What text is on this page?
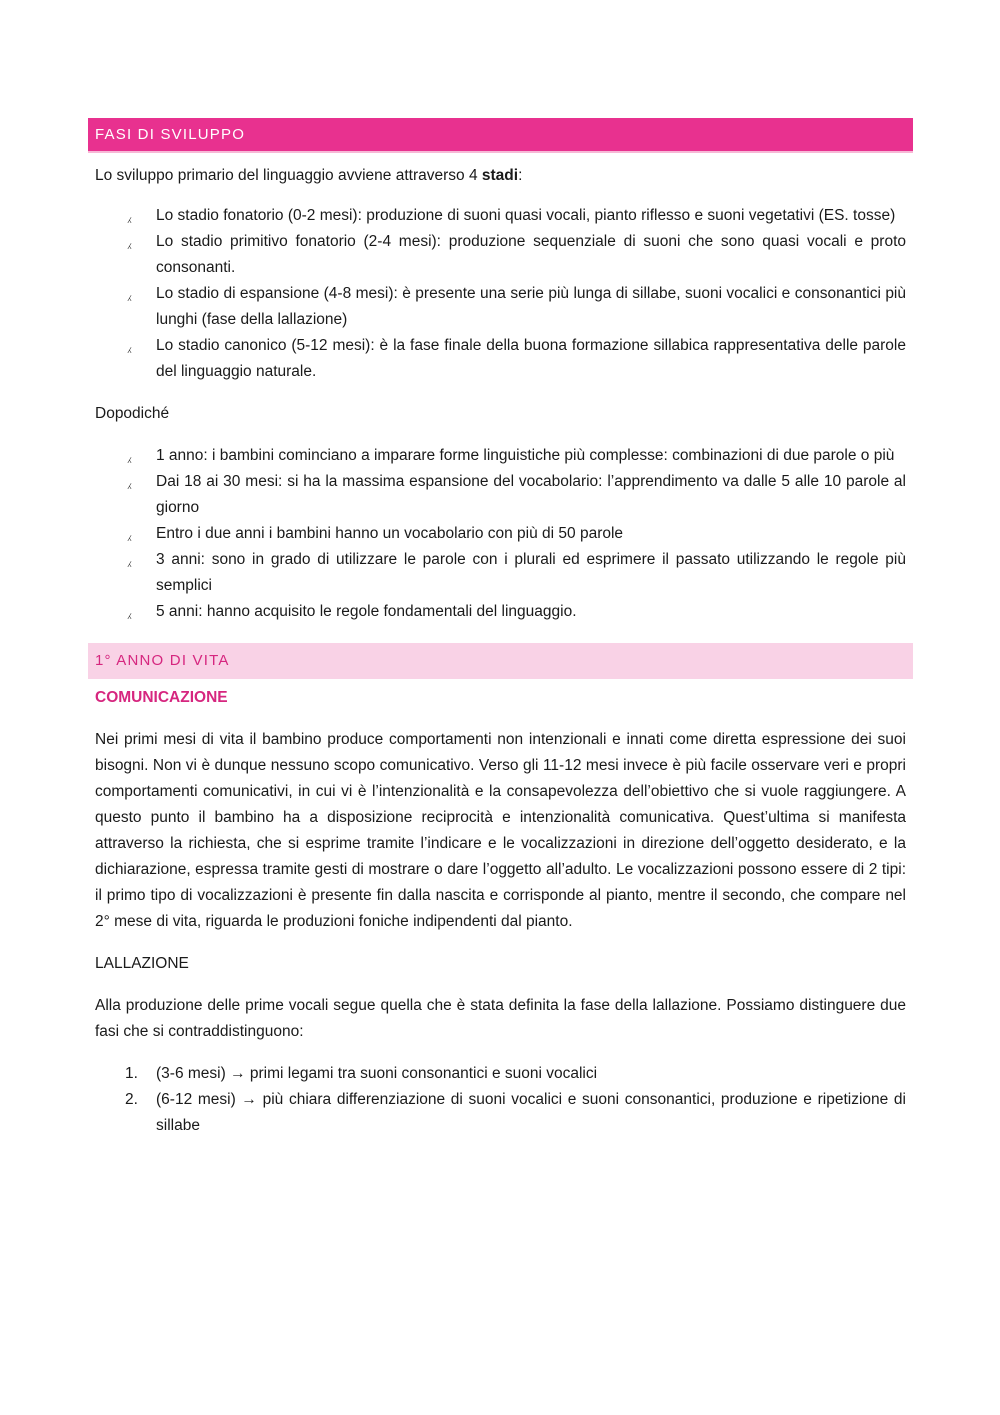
FASI DI SVILUPPO

Lo sviluppo primario del linguaggio avviene attraverso 4 stadi:

⁁ Lo stadio fonatorio (0-2 mesi): produzione di suoni quasi vocali, pianto riflesso e suoni vegetativi (ES. tosse)
⁁ Lo stadio primitivo fonatorio (2-4 mesi): produzione sequenziale di suoni che sono quasi vocali e proto consonanti.
⁁ Lo stadio di espansione (4-8 mesi): è presente una serie più lunga di sillabe, suoni vocalici e consonantici più lunghi (fase della lallazione)
⁁ Lo stadio canonico (5-12 mesi): è la fase finale della buona formazione sillabica rappresentativa delle parole del linguaggio naturale.

Dopodiché

⁁ 1 anno: i bambini cominciano a imparare forme linguistiche più complesse: combinazioni di due parole o più
⁁ Dai 18 ai 30 mesi: si ha la massima espansione del vocabolario: l’apprendimento va dalle 5 alle 10 parole al giorno
⁁ Entro i due anni i bambini hanno un vocabolario con più di 50 parole
⁁ 3 anni: sono in grado di utilizzare le parole con i plurali ed esprimere il passato utilizzando le regole più semplici
⁁ 5 anni: hanno acquisito le regole fondamentali del linguaggio.
1° ANNO DI VITA

COMUNICAZIONE

Nei primi mesi di vita il bambino produce comportamenti non intenzionali e innati come diretta espressione dei suoi bisogni. Non vi è dunque nessuno scopo comunicativo. Verso gli 11-12 mesi invece è più facile osservare veri e propri comportamenti comunicativi, in cui vi è l’intenzionalità e la consapevolezza dell’obiettivo che si vuole raggiungere. A questo punto il bambino ha a disposizione reciprocità e intenzionalità comunicativa. Quest’ultima si manifesta attraverso la richiesta, che si esprime tramite l’indicare e le vocalizzazioni in direzione dell’oggetto desiderato, e la dichiarazione, espressa tramite gesti di mostrare o dare l’oggetto all’adulto. Le vocalizzazioni possono essere di 2 tipi: il primo tipo di vocalizzazioni è presente fin dalla nascita e corrisponde al pianto, mentre il secondo, che compare nel 2° mese di vita, riguarda le produzioni foniche indipendenti dal pianto.

LALLAZIONE

Alla produzione delle prime vocali segue quella che è stata definita la fase della lallazione. Possiamo distinguere due fasi che si contraddistinguono:

1. (3-6 mesi) → primi legami tra suoni consonantici e suoni vocalici
2. (6-12 mesi) → più chiara differenziazione di suoni vocalici e suoni consonantici, produzione e ripetizione di sillabe
